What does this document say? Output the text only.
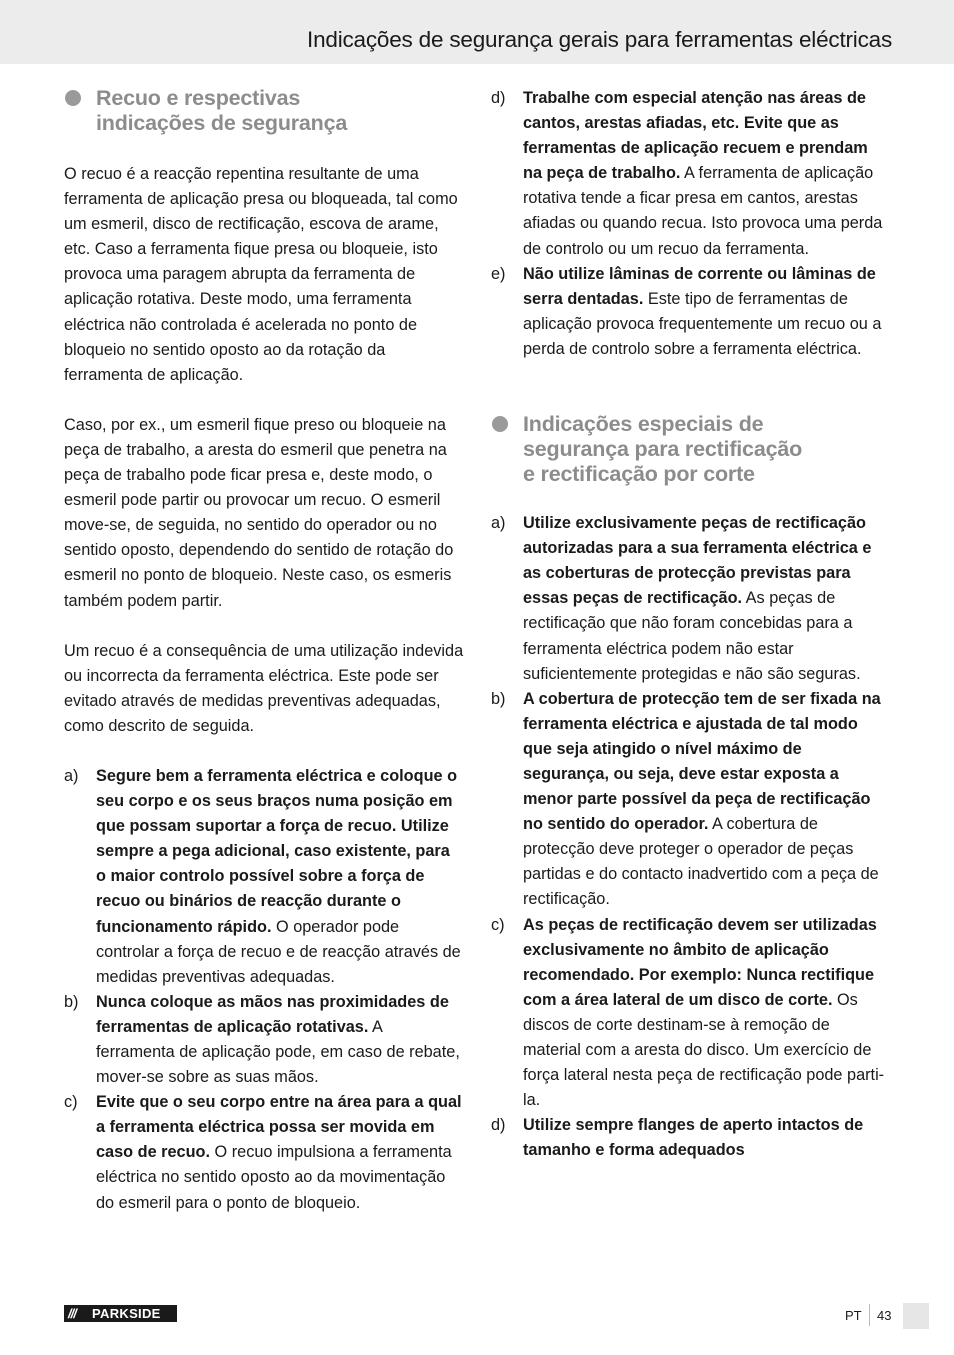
Indicações de segurança gerais para ferramentas eléctricas
Recuo e respectivas
indicações de segurança

O recuo é a reacção repentina resultante de uma ferramenta de aplicação presa ou bloqueada, tal como um esmeril, disco de rectificação, escova de arame, etc. Caso a ferramenta fique presa ou bloqueie, isto provoca uma paragem abrupta da ferramenta de aplicação rotativa. Deste modo, uma ferramenta eléctrica não controlada é acelerada no ponto de bloqueio no sentido oposto ao da rotação da ferramenta de aplicação.

Caso, por ex., um esmeril fique preso ou bloqueie na peça de trabalho, a aresta do esmeril que penetra na peça de trabalho pode ficar presa e, deste modo, o esmeril pode partir ou provocar um recuo. O esmeril move-se, de seguida, no sentido do operador ou no sentido oposto, dependendo do sentido de rotação do esmeril no ponto de bloqueio. Neste caso, os esmeris também podem partir.

Um recuo é a consequência de uma utilização indevida ou incorrecta da ferramenta eléctrica. Este pode ser evitado através de medidas preventivas adequadas, como descrito de seguida.

a) Segure bem a ferramenta eléctrica e coloque o seu corpo e os seus braços numa posição em que possam suportar a força de recuo. Utilize sempre a pega adicional, caso existente, para o maior controlo possível sobre a força de recuo ou binários de reacção durante o funcionamento rápido. O operador pode controlar a força de recuo e de reacção através de medidas preventivas adequadas.
b) Nunca coloque as mãos nas proximidades de ferramentas de aplicação rotativas. A ferramenta de aplicação pode, em caso de rebate, mover-se sobre as suas mãos.
c) Evite que o seu corpo entre na área para a qual a ferramenta eléctrica possa ser movida em caso de recuo. O recuo impulsiona a ferramenta eléctrica no sentido oposto ao da movimentação do esmeril para o ponto de bloqueio.
d) Trabalhe com especial atenção nas áreas de cantos, arestas afiadas, etc. Evite que as ferramentas de aplicação recuem e prendam na peça de trabalho. A ferramenta de aplicação rotativa tende a ficar presa em cantos, arestas afiadas ou quando recua. Isto provoca uma perda de controlo ou um recuo da ferramenta.
e) Não utilize lâminas de corrente ou lâminas de serra dentadas. Este tipo de ferramentas de aplicação provoca frequentemente um recuo ou a perda de controlo sobre a ferramenta eléctrica.
Indicações especiais de
segurança para rectificação
e rectificação por corte
a) Utilize exclusivamente peças de rectificação autorizadas para a sua ferramenta eléctrica e as coberturas de protecção previstas para essas peças de rectificação. As peças de rectificação que não foram concebidas para a ferramenta eléctrica podem não estar suficientemente protegidas e não são seguras.
b) A cobertura de protecção tem de ser fixada na ferramenta eléctrica e ajustada de tal modo que seja atingido o nível máximo de segurança, ou seja, deve estar exposta a menor parte possível da peça de rectificação no sentido do operador. A cobertura de protecção deve proteger o operador de peças partidas e do contacto inadvertido com a peça de rectificação.
c) As peças de rectificação devem ser utilizadas exclusivamente no âmbito de aplicação recomendado. Por exemplo: Nunca rectifique com a área lateral de um disco de corte. Os discos de corte destinam-se à remoção de material com a aresta do disco. Um exercício de força lateral nesta peça de rectificação pode parti-la.
d) Utilize sempre flanges de aperto intactos de tamanho e forma adequados
/// PARKSIDE	PT 43
